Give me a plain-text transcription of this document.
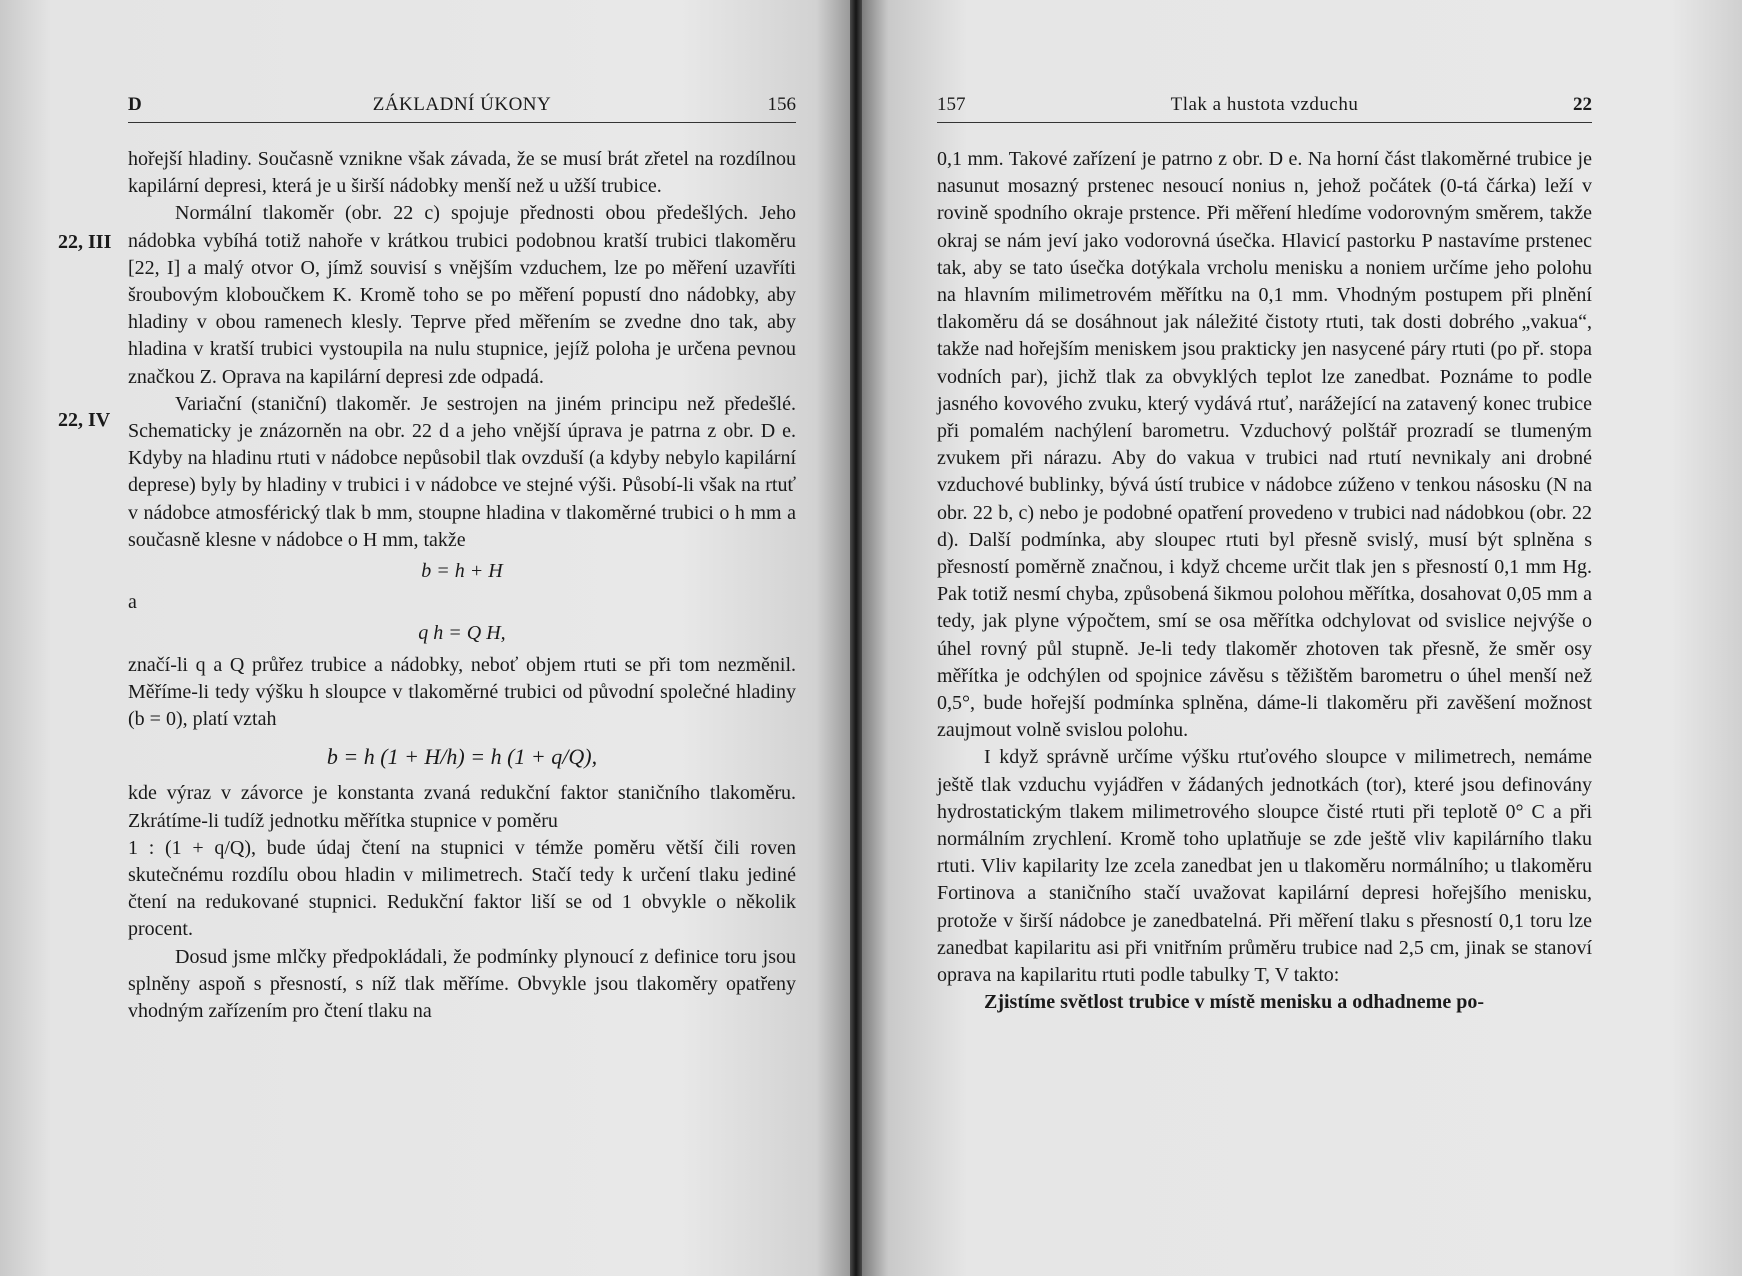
D	ZÁKLADNÍ ÚKONY	156
22, III
22, IV

hořejší hladiny. Současně vznikne však závada, že se musí brát zřetel na rozdílnou kapilární depresi, která je u širší nádobky menší než u užší trubice.

Normální tlakoměr (obr. 22 c) spojuje přednosti obou předešlých. Jeho nádobka vybíhá totiž nahoře v krátkou trubici podobnou kratší trubici tlakoměru [22, I] a malý otvor O, jímž souvisí s vnějším vzduchem, lze po měření uzavříti šroubovým kloboučkem K. Kromě toho se po měření popustí dno nádobky, aby hladiny v obou ramenech klesly. Teprve před měřením se zvedne dno tak, aby hladina v kratší trubici vystoupila na nulu stupnice, jejíž poloha je určena pevnou značkou Z. Oprava na kapilární depresi zde odpadá.

Variační (staniční) tlakoměr. Je sestrojen na jiném principu než předešlé. Schematicky je znázorněn na obr. 22 d a jeho vnější úprava je patrna z obr. D e. Kdyby na hladinu rtuti v nádobce nepůsobil tlak ovzduší (a kdyby nebylo kapilární deprese) byly by hladiny v trubici i v nádobce ve stejné výši. Působí-li však na rtuť v nádobce atmosférický tlak b mm, stoupne hladina v tlakoměrné trubici o h mm a současně klesne v nádobce o H mm, takže

b = h + H

a

q h = Q H,

značí-li q a Q průřez trubice a nádobky, neboť objem rtuti se při tom nezměnil. Měříme-li tedy výšku h sloupce v tlakoměrné trubici od původní společné hladiny (b = 0), platí vztah

b = h (1 + H/h) = h (1 + q/Q),

kde výraz v závorce je konstanta zvaná redukční faktor staničního tlakoměru. Zkrátíme-li tudíž jednotku měřítka stupnice v poměru

1 : (1 + q/Q), bude údaj čtení na stupnici v témže poměru větší čili roven skutečnému rozdílu obou hladin v milimetrech. Stačí tedy k určení tlaku jediné čtení na redukované stupnici. Redukční faktor liší se od 1 obvykle o několik procent.

Dosud jsme mlčky předpokládali, že podmínky plynoucí z definice toru jsou splněny aspoň s přesností, s níž tlak měříme. Obvykle jsou tlakoměry opatřeny vhodným zařízením pro čtení tlaku na

157	Tlak a hustota vzduchu	22

0,1 mm. Takové zařízení je patrno z obr. D e. Na horní část tlakoměrné trubice je nasunut mosazný prstenec nesoucí nonius n, jehož počátek (0-tá čárka) leží v rovině spodního okraje prstence. Při měření hledíme vodorovným směrem, takže okraj se nám jeví jako vodorovná úsečka. Hlavicí pastorku P nastavíme prstenec tak, aby se tato úsečka dotýkala vrcholu menisku a noniem určíme jeho polohu na hlavním milimetrovém měřítku na 0,1 mm. Vhodným postupem při plnění tlakoměru dá se dosáhnout jak náležité čistoty rtuti, tak dosti dobrého „vakua“, takže nad hořejším meniskem jsou prakticky jen nasycené páry rtuti (po př. stopa vodních par), jichž tlak za obvyklých teplot lze zanedbat. Poznáme to podle jasného kovového zvuku, který vydává rtuť, narážející na zatavený konec trubice při pomalém nachýlení barometru. Vzduchový polštář prozradí se tlumeným zvukem při nárazu. Aby do vakua v trubici nad rtutí nevnikaly ani drobné vzduchové bublinky, bývá ústí trubice v nádobce zúženo v tenkou násosku (N na obr. 22 b, c) nebo je podobné opatření provedeno v trubici nad nádobkou (obr. 22 d). Další podmínka, aby sloupec rtuti byl přesně svislý, musí být splněna s přesností poměrně značnou, i když chceme určit tlak jen s přesností 0,1 mm Hg. Pak totiž nesmí chyba, způsobená šikmou polohou měřítka, dosahovat 0,05 mm a tedy, jak plyne výpočtem, smí se osa měřítka odchylovat od svislice nejvýše o úhel rovný půl stupně. Je-li tedy tlakoměr zhotoven tak přesně, že směr osy měřítka je odchýlen od spojnice závěsu s těžištěm barometru o úhel menší než 0,5°, bude hořejší podmínka splněna, dáme-li tlakoměru při zavěšení možnost zaujmout volně svislou polohu.

I když správně určíme výšku rtuťového sloupce v milimetrech, nemáme ještě tlak vzduchu vyjádřen v žádaných jednotkách (tor), které jsou definovány hydrostatickým tlakem milimetrového sloupce čisté rtuti při teplotě 0° C a při normálním zrychlení. Kromě toho uplatňuje se zde ještě vliv kapilárního tlaku rtuti. Vliv kapilarity lze zcela zanedbat jen u tlakoměru normálního; u tlakoměru Fortinova a staničního stačí uvažovat kapilární depresi hořejšího menisku, protože v širší nádobce je zanedbatelná. Při měření tlaku s přesností 0,1 toru lze zanedbat kapilaritu asi při vnitřním průměru trubice nad 2,5 cm, jinak se stanoví oprava na kapilaritu rtuti podle tabulky T, V takto:

Zjistíme světlost trubice v místě menisku a odhadneme po-
